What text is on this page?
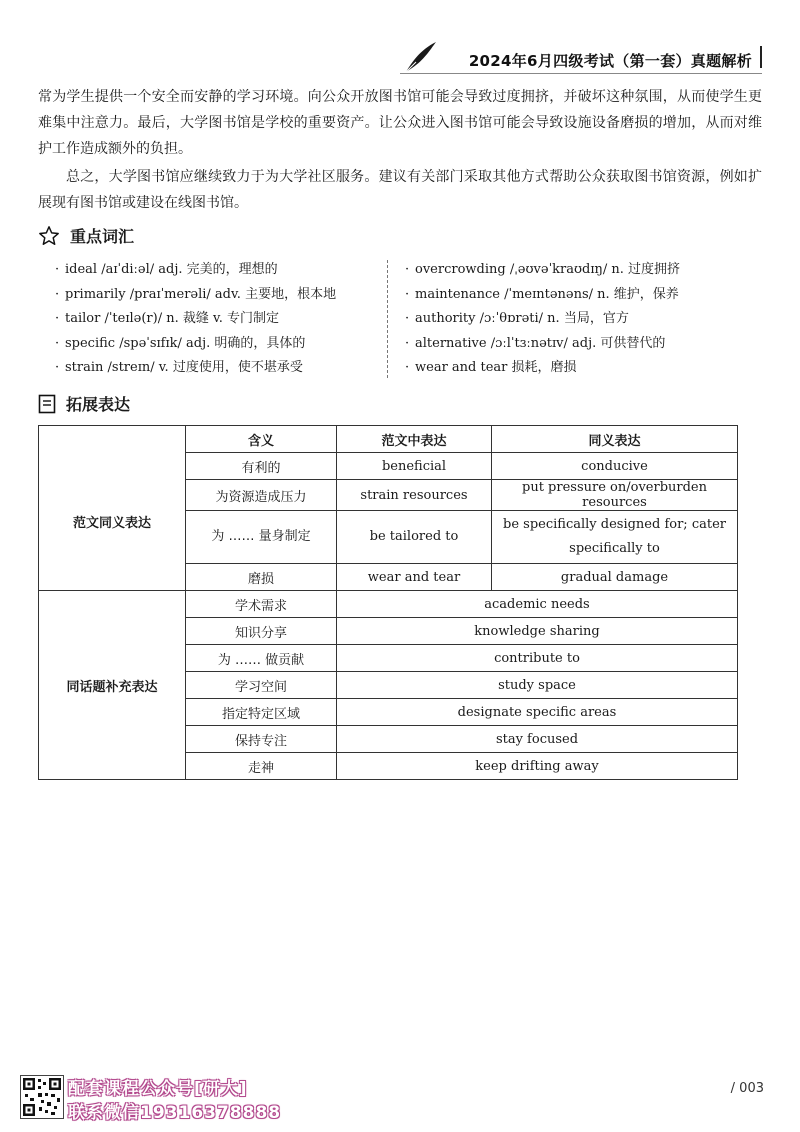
2024年6月四级考试（第一套）真题解析

常为学生提供一个安全而安静的学习环境。向公众开放图书馆可能会导致过度拥挤，并破坏这种氛围，从而使学生更难集中注意力。最后，大学图书馆是学校的重要资产。让公众进入图书馆可能会导致设施设备磨损的增加，从而对维护工作造成额外的负担。

总之，大学图书馆应继续致力于为大学社区服务。建议有关部门采取其他方式帮助公众获取图书馆资源，例如扩展现有图书馆或建设在线图书馆。

重点词汇
· ideal /aɪˈdiːəl/ adj. 完美的，理想的
· primarily /praɪˈmerəli/ adv. 主要地，根本地
· tailor /ˈteɪlə(r)/ n. 裁缝 v. 专门制定
· specific /spəˈsɪfɪk/ adj. 明确的，具体的
· strain /streɪn/ v. 过度使用，使不堪承受
· overcrowding /ˌəʊvəˈkraʊdɪŋ/ n. 过度拥挤
· maintenance /ˈmeɪntənəns/ n. 维护，保养
· authority /ɔːˈθɒrəti/ n. 当局，官方
· alternative /ɔːlˈtɜːnətɪv/ adj. 可供替代的
· wear and tear 损耗，磨损
拓展表达
	含义	范文中表达	同义表达
范文同义表达	有利的	beneficial	conducive
	为资源造成压力	strain resources	put pressure on/overburden resources
	为 …… 量身制定	be tailored to	be specifically designed for; cater specifically to
	磨损	wear and tear	gradual damage
同话题补充表达	学术需求	academic needs	
	知识分享	knowledge sharing	
	为 …… 做贡献	contribute to	
	学习空间	study space	
	指定特定区域	designate specific areas	
	保持专注	stay focused	
	走神	keep drifting away	
配套课程公众号[研大]
联系微信19316378888
/ 003
